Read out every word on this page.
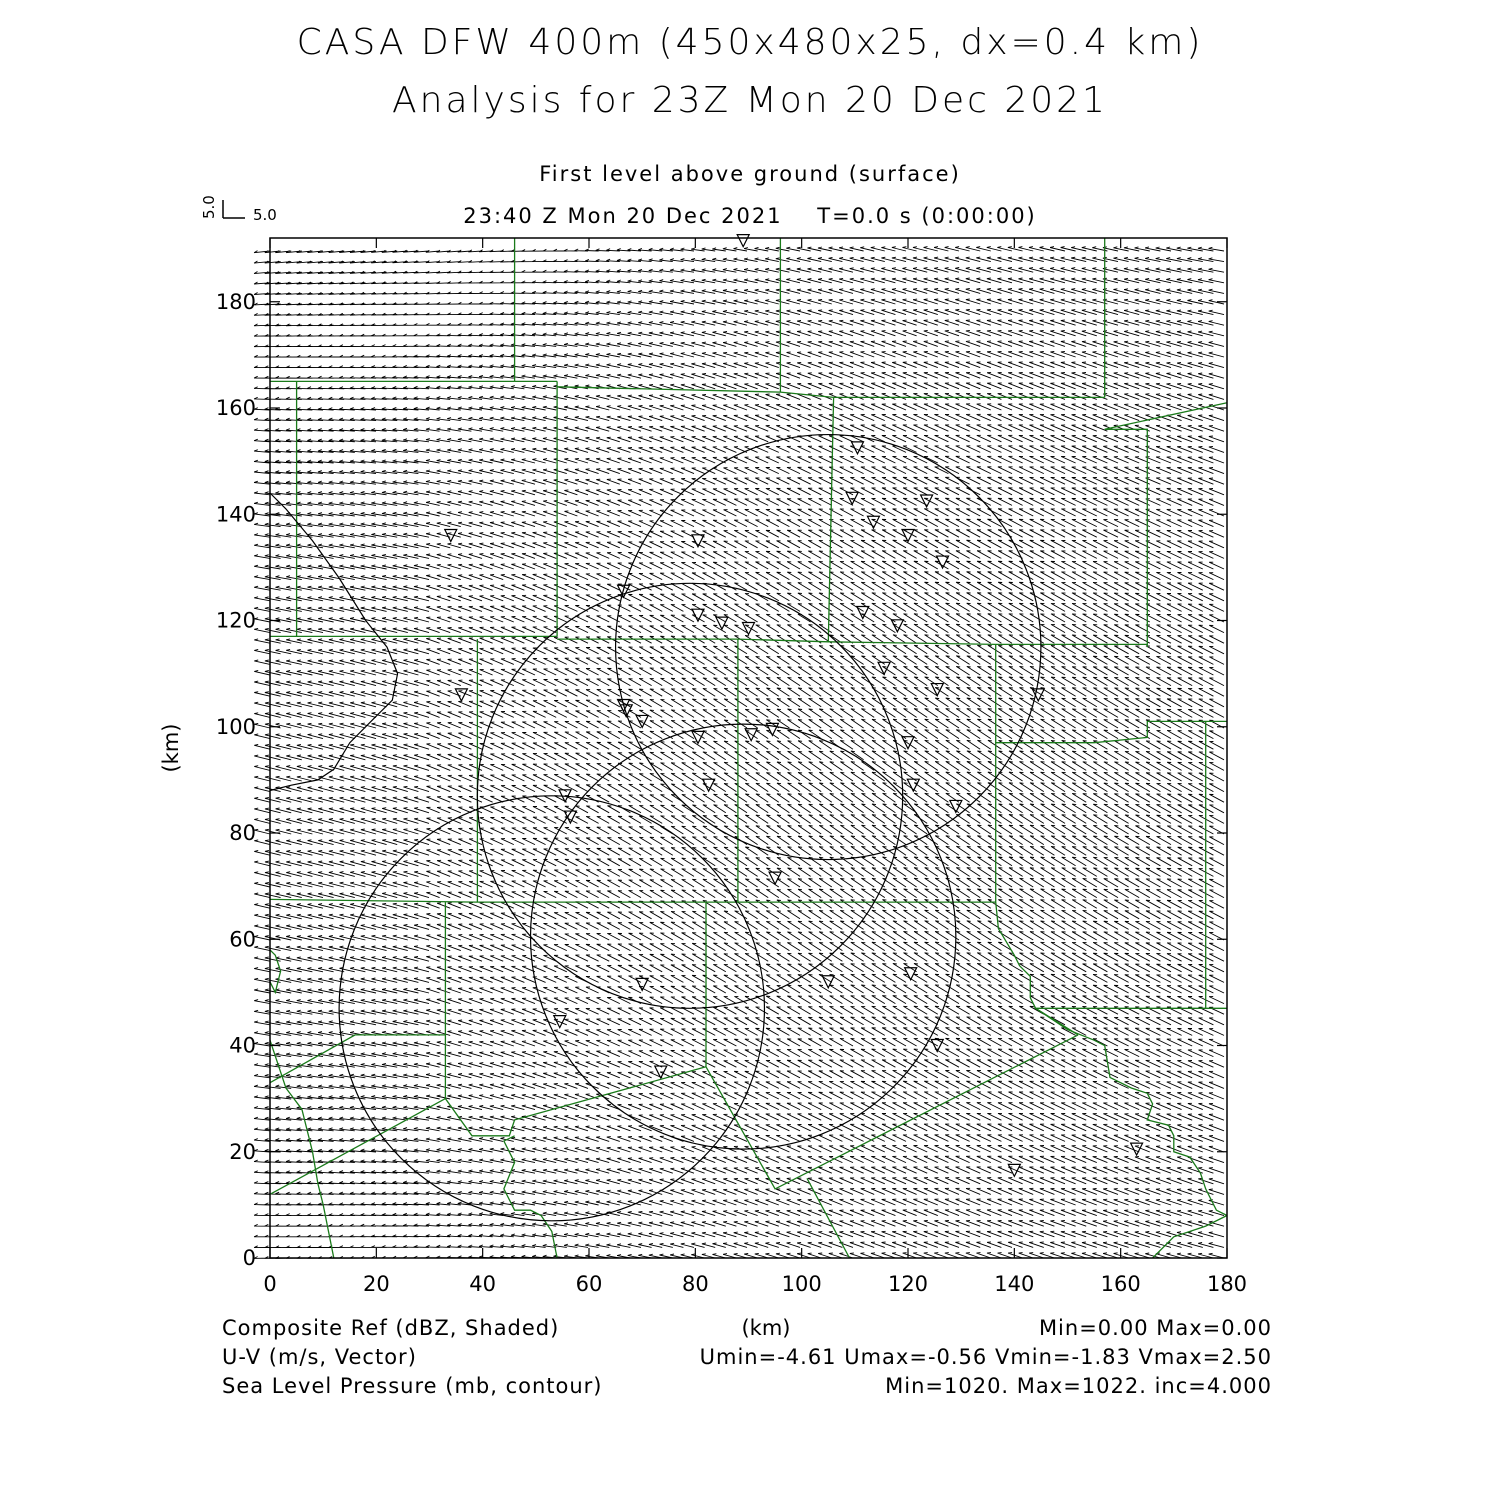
CASA DFW 400m (450x480x25, dx=0.4 km)
Analysis for 23Z Mon 20 Dec 2021
First level above ground (surface)
23:40 Z Mon 20 Dec 2021    T=0.0 s (0:00:00)
5.0 5.0
0	20	40	60	80	100	120	140	160	180
0
20
40
60
80
100
120
140
160
180
(km)
(km)
Composite Ref (dBZ, Shaded)	Min=0.00 Max=0.00
U-V (m/s, Vector)	Umin=-4.61 Umax=-0.56 Vmin=-1.83 Vmax=2.50
Sea Level Pressure (mb, contour)	Min=1020. Max=1022. inc=4.000
